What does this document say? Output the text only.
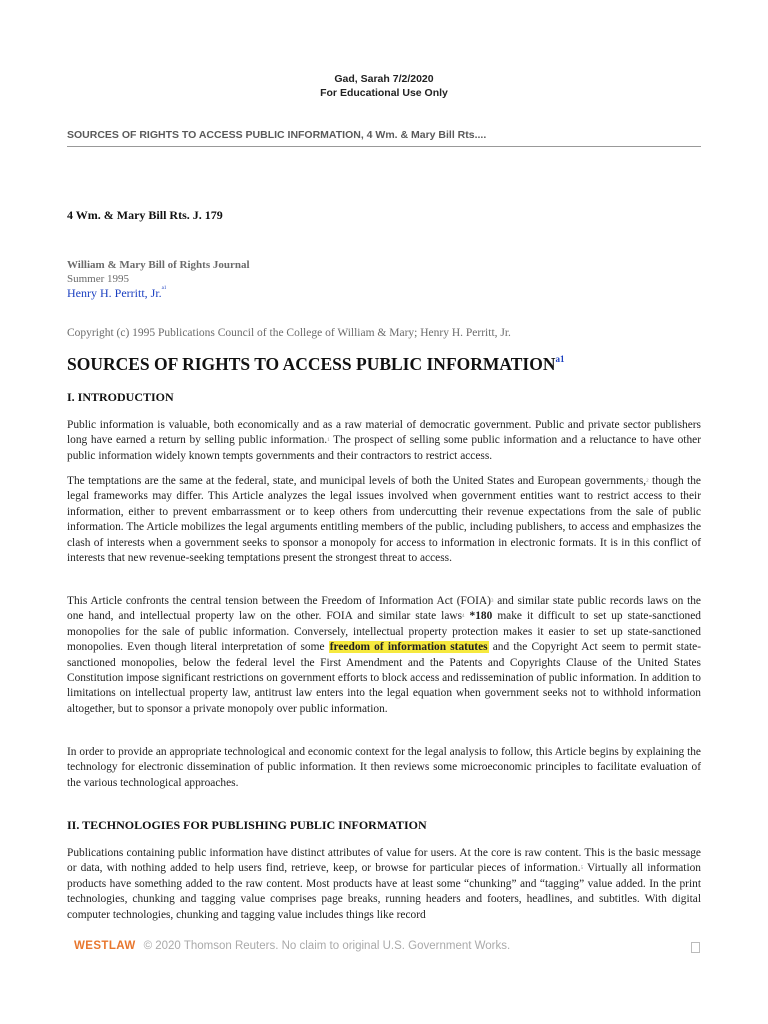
Gad, Sarah 7/2/2020
For Educational Use Only
SOURCES OF RIGHTS TO ACCESS PUBLIC INFORMATION, 4 Wm. & Mary Bill Rts....
4 Wm. & Mary Bill Rts. J. 179
William & Mary Bill of Rights Journal
Summer 1995
Henry H. Perritt, Jr.$^{a1}$
Copyright (c) 1995 Publications Council of the College of William & Mary; Henry H. Perritt, Jr.
SOURCES OF RIGHTS TO ACCESS PUBLIC $INFORMATION^{a1}$
I. INTRODUCTION

Public information is valuable, both economically and as a raw material of democratic government. Public and private sector publishers long have earned a return by selling public information.$^1$ The prospect of selling some public information and a reluctance to have other public information widely known tempts governments and their contractors to restrict access.

The temptations are the same at the federal, state, and municipal levels of both the United States and European governments,$^2$ though the legal frameworks may differ. This Article analyzes the legal issues involved when government entities want to restrict access to their information, either to prevent embarrassment or to keep others from undercutting their revenue expectations from the sale of public information. The Article mobilizes the legal arguments entitling members of the public, including publishers, to access and emphasizes the clash of interests when a government seeks to sponsor a monopoly for access to information in electronic formats. It is in this conflict of interests that new revenue-seeking temptations present the strongest threat to access.

This Article confronts the central tension between the Freedom of Information Act (FOIA)$^3$ and similar state public records laws on the one hand, and intellectual property law on the other. FOIA and similar state laws$^4$ *180 make it difficult to set up state-sanctioned monopolies for the sale of public information. Conversely, intellectual property protection makes it easier to set up state-sanctioned monopolies. Even though literal interpretation of some freedom of information statutes and the Copyright Act seem to permit state-sanctioned monopolies, below the federal level the First Amendment and the Patents and Copyrights Clause of the United States Constitution impose significant restrictions on government efforts to block access and redissemination of public information. In addition to limitations on intellectual property law, antitrust law enters into the legal equation when government seeks not to withhold information altogether, but to sponsor a private monopoly over public information.

In order to provide an appropriate technological and economic context for the legal analysis to follow, this Article begins by explaining the technology for electronic dissemination of public information. It then reviews some microeconomic principles to facilitate evaluation of the various technological approaches.

II. TECHNOLOGIES FOR PUBLISHING PUBLIC INFORMATION

Publications containing public information have distinct attributes of value for users. At the core is raw content. This is the basic message or data, with nothing added to help users find, retrieve, keep, or browse for particular pieces of information.$^5$ Virtually all information products have something added to the raw content. Most products have at least some “chunking” and “tagging” value added. In the print technologies, chunking and tagging value comprises page breaks, running headers and footers, headlines, and subtitles. With digital computer technologies, chunking and tagging value includes things like record

WESTLAW © 2020 Thomson Reuters. No claim to original U.S. Government Works.
